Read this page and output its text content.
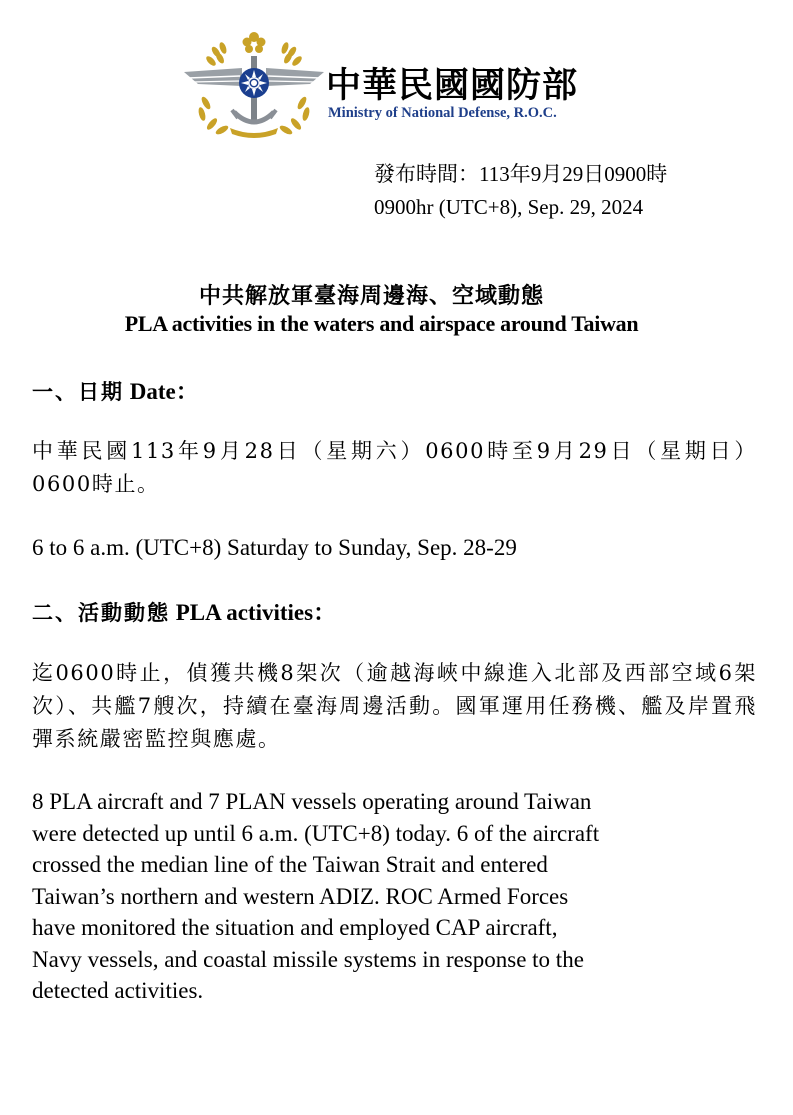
中華民國國防部
Ministry of National Defense, R.O.C.
發布時間：113年9月29日0900時
0900hr (UTC+8), Sep. 29, 2024
中共解放軍臺海周邊海、空域動態
PLA activities in the waters and airspace around Taiwan
一、日期 Date：
中華民國113年9月28日（星期六）0600時至9月29日（星期日）0600時止。
6 to 6 a.m. (UTC+8) Saturday to Sunday, Sep. 28-29
二、活動動態 PLA activities：
迄0600時止，偵獲共機8架次（逾越海峽中線進入北部及西部空域6架次）、共艦7艘次，持續在臺海周邊活動。國軍運用任務機、艦及岸置飛彈系統嚴密監控與應處。
8 PLA aircraft and 7 PLAN vessels operating around Taiwan
were detected up until 6 a.m. (UTC+8) today. 6 of the aircraft
crossed the median line of the Taiwan Strait and entered
Taiwan’s northern and western ADIZ. ROC Armed Forces
have monitored the situation and employed CAP aircraft,
Navy vessels, and coastal missile systems in response to the
detected activities.
